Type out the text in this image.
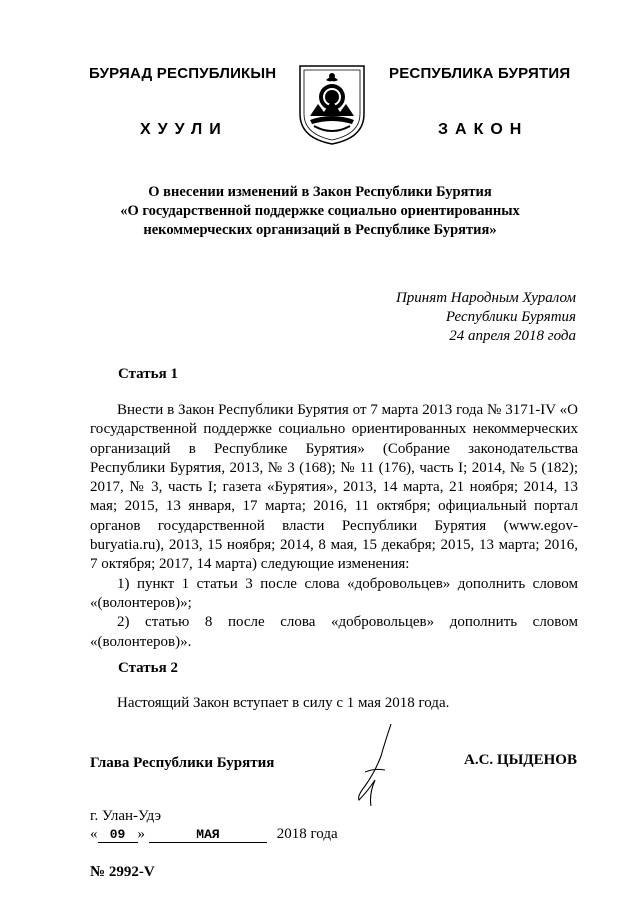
БУРЯАД РЕСПУБЛИКЫН	РЕСПУБЛИКА БУРЯТИЯ
ХУУЛИ	ЗАКОН
О внесении изменений в Закон Республики Бурятия
«О государственной поддержке социально ориентированных
некоммерческих организаций в Республике Бурятия»
Принят Народным Хуралом
Республики Бурятия
24 апреля 2018 года
Статья 1

Внести в Закон Республики Бурятия от 7 марта 2013 года № 3171-IV «О государственной поддержке социально ориентированных некоммерческих организаций в Республике Бурятия» (Собрание законодательства Республики Бурятия, 2013, № 3 (168); № 11 (176), часть I; 2014, № 5 (182); 2017, № 3, часть I; газета «Бурятия», 2013, 14 марта, 21 ноября; 2014, 13 мая; 2015, 13 января, 17 марта; 2016, 11 октября; официальный портал органов государственной власти Республики Бурятия (www.egov-buryatia.ru), 2013, 15 ноября; 2014, 8 мая, 15 декабря; 2015, 13 марта; 2016, 7 октября; 2017, 14 марта) следующие изменения:

1) пункт 1 статьи 3 после слова «добровольцев» дополнить словом «(волонтеров)»;

2) статью 8 после слова «добровольцев» дополнить словом «(волонтеров)».

Статья 2

Настоящий Закон вступает в силу с 1 мая 2018 года.

Глава Республики Бурятия	А.С. ЦЫДЕНОВ
г. Улан-Удэ
« 09 »	МАЯ	2018 года
№ 2992-V
